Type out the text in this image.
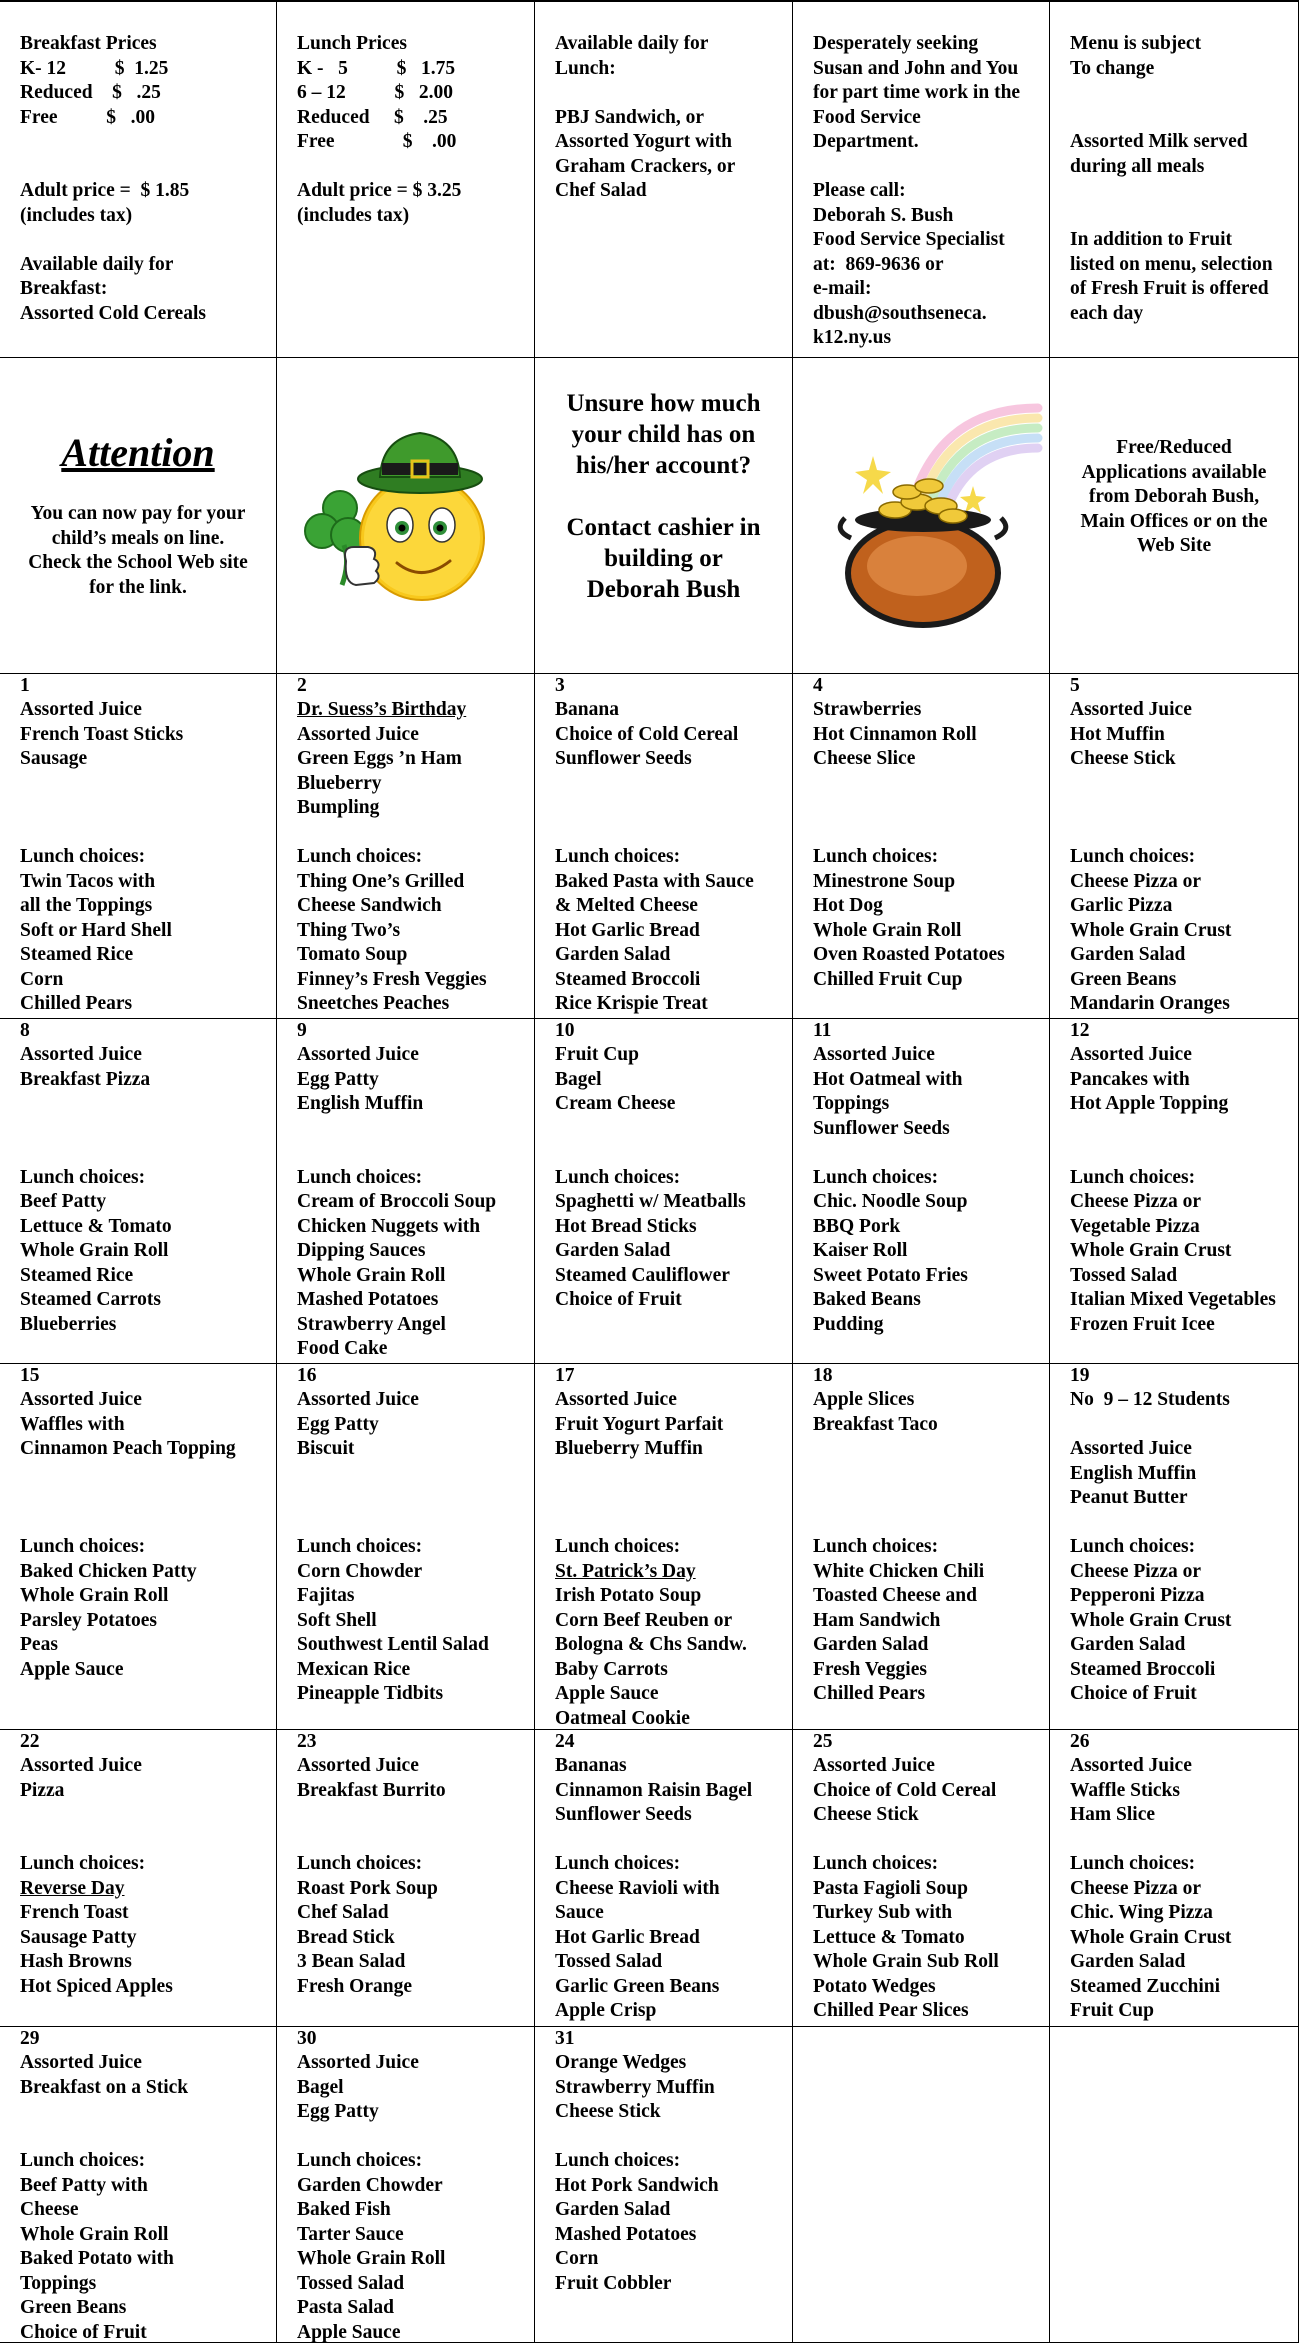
Breakfast Prices
K- 12          $  1.25
Reduced    $   .25
Free          $   .00
Adult price =  $ 1.85
(includes tax)
Available daily for
Breakfast:
Assorted Cold Cereals
Lunch Prices
K -   5          $   1.75
6 – 12          $   2.00
Reduced     $    .25
Free              $    .00
Adult price = $ 3.25
(includes tax)
Available daily for
Lunch:
PBJ Sandwich, or
Assorted Yogurt with
Graham Crackers, or
Chef Salad
Desperately seeking
Susan and John and You
for part time work in the
Food Service
Department.
Please call:
Deborah S. Bush
Food Service Specialist
at:  869-9636 or
e-mail:
dbush@southseneca.
k12.ny.us
Menu is subject
To change
Assorted Milk served
during all meals
In addition to Fruit
listed on menu, selection
of Fresh Fruit is offered
each day
Attention
You can now pay for your child’s meals on line. Check the School Web site for the link.
Unsure how much
your child has on
his/her account?
Contact cashier in
building or
Deborah Bush
Free/Reduced
Applications available
from Deborah Bush,
Main Offices or on the
Web Site
1
Assorted Juice
French Toast Sticks
Sausage
Lunch choices:
Twin Tacos with
all the Toppings
Soft or Hard Shell
Steamed Rice
Corn
Chilled Pears
2
Dr. Suess’s Birthday
Assorted Juice
Green Eggs ’n Ham
Blueberry
Bumpling
Lunch choices:
Thing One’s Grilled
Cheese Sandwich
Thing Two’s
Tomato Soup
Finney’s Fresh Veggies
Sneetches Peaches
3
Banana
Choice of Cold Cereal
Sunflower Seeds
Lunch choices:
Baked Pasta with Sauce
& Melted Cheese
Hot Garlic Bread
Garden Salad
Steamed Broccoli
Rice Krispie Treat
4
Strawberries
Hot Cinnamon Roll
Cheese Slice
Lunch choices:
Minestrone Soup
Hot Dog
Whole Grain Roll
Oven Roasted Potatoes
Chilled Fruit Cup
5
Assorted Juice
Hot Muffin
Cheese Stick
Lunch choices:
Cheese Pizza or
Garlic Pizza
Whole Grain Crust
Garden Salad
Green Beans
Mandarin Oranges
8
Assorted Juice
Breakfast Pizza
Lunch choices:
Beef Patty
Lettuce & Tomato
Whole Grain Roll
Steamed Rice
Steamed Carrots
Blueberries
9
Assorted Juice
Egg Patty
English Muffin
Lunch choices:
Cream of Broccoli Soup
Chicken Nuggets with
Dipping Sauces
Whole Grain Roll
Mashed Potatoes
Strawberry Angel
Food Cake
10
Fruit Cup
Bagel
Cream Cheese
Lunch choices:
Spaghetti w/ Meatballs
Hot Bread Sticks
Garden Salad
Steamed Cauliflower
Choice of Fruit
11
Assorted Juice
Hot Oatmeal with
Toppings
Sunflower Seeds
Lunch choices:
Chic. Noodle Soup
BBQ Pork
Kaiser Roll
Sweet Potato Fries
Baked Beans
Pudding
12
Assorted Juice
Pancakes with
Hot Apple Topping
Lunch choices:
Cheese Pizza or
Vegetable Pizza
Whole Grain Crust
Tossed Salad
Italian Mixed Vegetables
Frozen Fruit Icee
15
Assorted Juice
Waffles with
Cinnamon Peach Topping
Lunch choices:
Baked Chicken Patty
Whole Grain Roll
Parsley Potatoes
Peas
Apple Sauce
16
Assorted Juice
Egg Patty
Biscuit
Lunch choices:
Corn Chowder
Fajitas
Soft Shell
Southwest Lentil Salad
Mexican Rice
Pineapple Tidbits
17
Assorted Juice
Fruit Yogurt Parfait
Blueberry Muffin
Lunch choices:
St. Patrick’s Day
Irish Potato Soup
Corn Beef Reuben or
Bologna & Chs Sandw.
Baby Carrots
Apple Sauce
Oatmeal Cookie
18
Apple Slices
Breakfast Taco
Lunch choices:
White Chicken Chili
Toasted Cheese and
Ham Sandwich
Garden Salad
Fresh Veggies
Chilled Pears
19
No  9 – 12 Students
Assorted Juice
English Muffin
Peanut Butter
Lunch choices:
Cheese Pizza or
Pepperoni Pizza
Whole Grain Crust
Garden Salad
Steamed Broccoli
Choice of Fruit
22
Assorted Juice
Pizza
Lunch choices:
Reverse Day
French Toast
Sausage Patty
Hash Browns
Hot Spiced Apples
23
Assorted Juice
Breakfast Burrito
Lunch choices:
Roast Pork Soup
Chef Salad
Bread Stick
3 Bean Salad
Fresh Orange
24
Bananas
Cinnamon Raisin Bagel
Sunflower Seeds
Lunch choices:
Cheese Ravioli with
Sauce
Hot Garlic Bread
Tossed Salad
Garlic Green Beans
Apple Crisp
25
Assorted Juice
Choice of Cold Cereal
Cheese Stick
Lunch choices:
Pasta Fagioli Soup
Turkey Sub with
Lettuce & Tomato
Whole Grain Sub Roll
Potato Wedges
Chilled Pear Slices
26
Assorted Juice
Waffle Sticks
Ham Slice
Lunch choices:
Cheese Pizza or
Chic. Wing Pizza
Whole Grain Crust
Garden Salad
Steamed Zucchini
Fruit Cup
29
Assorted Juice
Breakfast on a Stick
Lunch choices:
Beef Patty with
Cheese
Whole Grain Roll
Baked Potato with
Toppings
Green Beans
Choice of Fruit
30
Assorted Juice
Bagel
Egg Patty
Lunch choices:
Garden Chowder
Baked Fish
Tarter Sauce
Whole Grain Roll
Tossed Salad
Pasta Salad
Apple Sauce
31
Orange Wedges
Strawberry Muffin
Cheese Stick
Lunch choices:
Hot Pork Sandwich
Garden Salad
Mashed Potatoes
Corn
Fruit Cobbler
